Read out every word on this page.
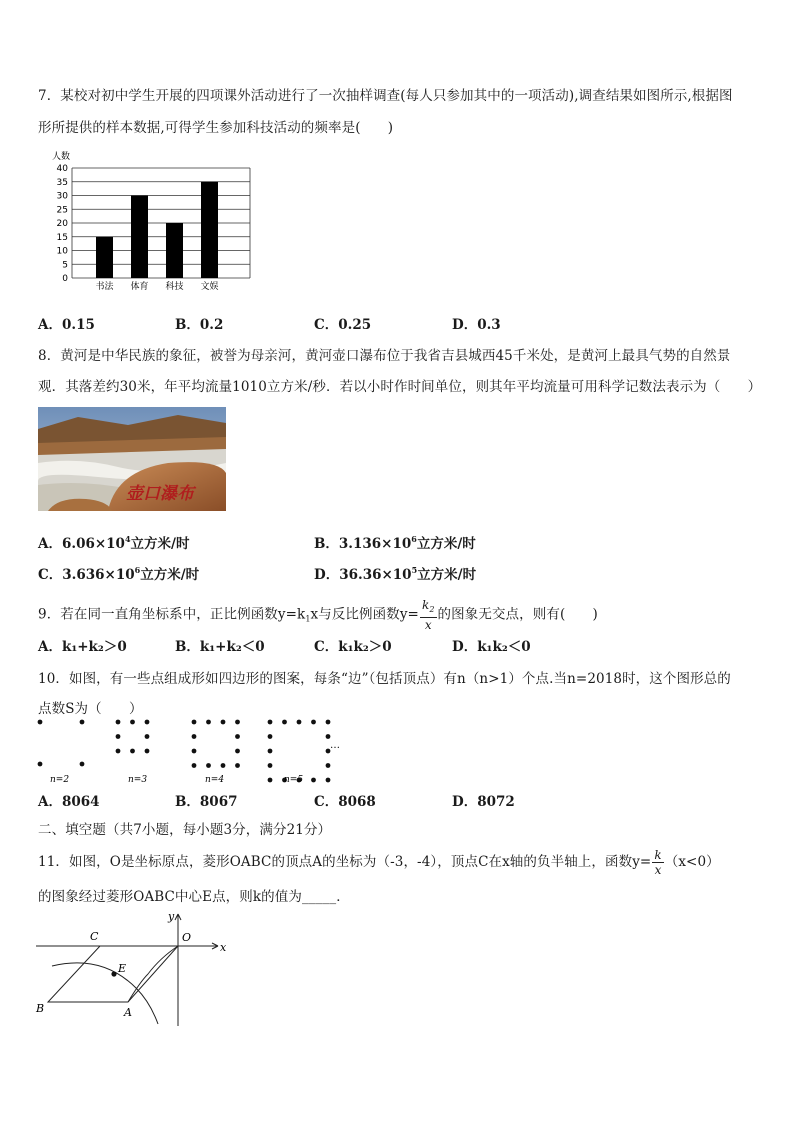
7．某校对初中学生开展的四项课外活动进行了一次抽样调查(每人只参加其中的一项活动),调查结果如图所示,根据图
形所提供的样本数据,可得学生参加科技活动的频率是(　　)
人数
0
5
10
15
20
25
30
35
40
书法 体育 科技 文娱
A．0.15	B．0.2	C．0.25	D．0.3
8．黄河是中华民族的象征，被誉为母亲河，黄河壶口瀑布位于我省吉县城西45千米处，是黄河上最具气势的自然景
观．其落差约30米，年平均流量1010立方米/秒．若以小时作时间单位，则其年平均流量可用科学记数法表示为（　　）
壶口瀑布
A．$6.06\times 10^4$立方米/时	B．$3.136\times 10^6$立方米/时
C．$3.636\times 10^6$立方米/时	D．$36.36\times 10^5$立方米/时
9．若在同一直角坐标系中，正比例函数$y=k_1x$与反比例函数$y= \frac{k_2}{x}$ 的图象无交点，则有(　　)
A．k₁+k₂＞0	B．k₁+k₂＜0	C．k₁k₂＞0	D．k₁k₂＜0
10．如图，有一些点组成形如四边形的图案，每条“边”（包括顶点）有n（n>1）个点.当n=2018时，这个图形总的
点数S为（　　）
n=2	n=3	n=4	n=5
…
A．8064	B．8067	C．8068	D．8072
二、填空题（共7小题，每小题3分，满分21分）
11．如图，O是坐标原点，菱形OABC的顶点A的坐标为（-3，-4），顶点C在x轴的负半轴上，函数$y= \frac{k}{x} (x<0)$
的图象经过菱形OABC中心E点，则k的值为_____．
y
x
O
C
E
B	A
